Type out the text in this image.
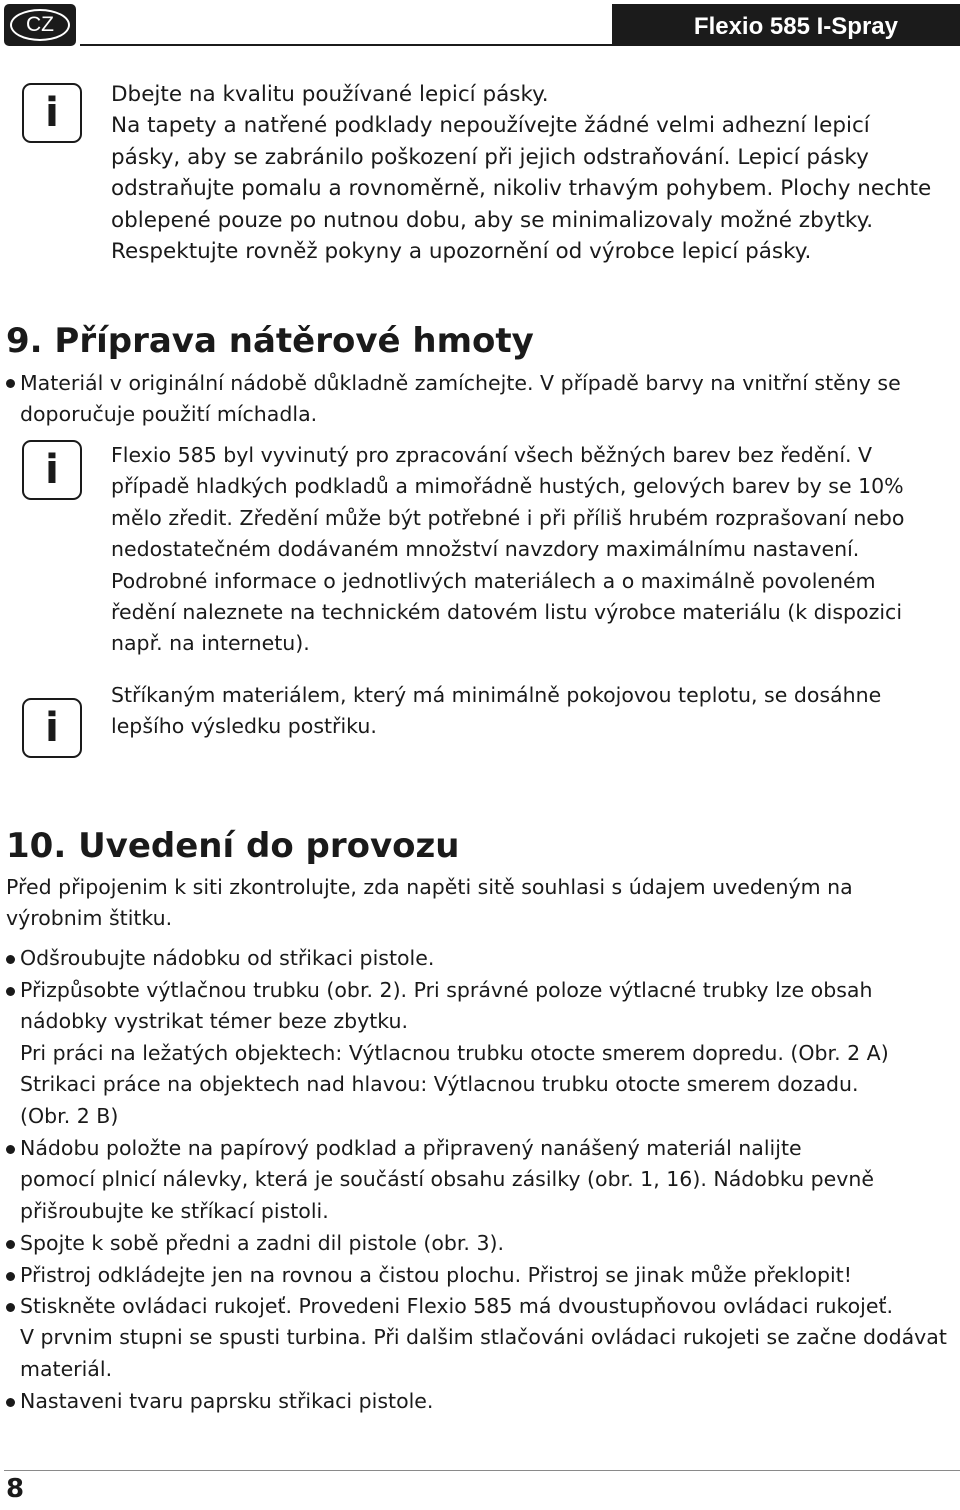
CZ	Flexio 585 I-Spray
i	Dbejte na kvalitu používané lepicí pásky.
Na tapety a natřené podklady nepoužívejte žádné velmi adhezní lepicí
pásky, aby se zabránilo poškození při jejich odstraňování. Lepicí pásky
odstraňujte pomalu a rovnoměrně, nikoliv trhavým pohybem. Plochy nechte
oblepené pouze po nutnou dobu, aby se minimalizovaly možné zbytky.
Respektujte rovněž pokyny a upozornění od výrobce lepicí pásky.
9. Příprava nátěrové hmoty
Materiál v originální nádobě důkladně zamíchejte. V případě barvy na vnitřní stěny se
doporučuje použití míchadla.
i	Flexio 585 byl vyvinutý pro zpracování všech běžných barev bez ředění. V
případě hladkých podkladů a mimořádně hustých, gelových barev by se 10%
mělo zředit. Zředění může být potřebné i při příliš hrubém rozprašovaní nebo
nedostatečném dodávaném množství navzdory maximálnímu nastavení.
Podrobné informace o jednotlivých materiálech a o maximálně povoleném
ředění naleznete na technickém datovém listu výrobce materiálu (k dispozici
např. na internetu).
i
Stříkaným materiálem, který má minimálně pokojovou teplotu, se dosáhne
lepšího výsledku postřiku.
10. Uvedení do provozu
Před připojenim k siti zkontrolujte, zda napěti sitě souhlasi s údajem uvedeným na
výrobnim štitku.
Odšroubujte nádobku od střikaci pistole.
Přizpůsobte výtlačnou trubku (obr. 2). Pri správné poloze výtlacné trubky lze obsah
nádobky vystrikat témer beze zbytku.
Pri práci na ležatých objektech: Výtlacnou trubku otocte smerem dopredu. (Obr. 2 A)
Strikaci práce na objektech nad hlavou: Výtlacnou trubku otocte smerem dozadu.
(Obr. 2 B)
Nádobu položte na papírový podklad a připravený nanášený materiál nalijte
pomocí plnicí nálevky, která je součástí obsahu zásilky (obr. 1, 16). Nádobku pevně
přišroubujte ke stříkací pistoli.
Spojte k sobě předni a zadni dil pistole (obr. 3).
Přistroj odkládejte jen na rovnou a čistou plochu. Přistroj se jinak může překlopit!
Stiskněte ovládaci rukojeť. Provedeni Flexio 585 má dvoustupňovou ovládaci rukojeť.
V prvnim stupni se spusti turbina. Při dalšim stlačováni ovládaci rukojeti se začne dodávat
materiál.
Nastaveni tvaru paprsku střikaci pistole.
8
